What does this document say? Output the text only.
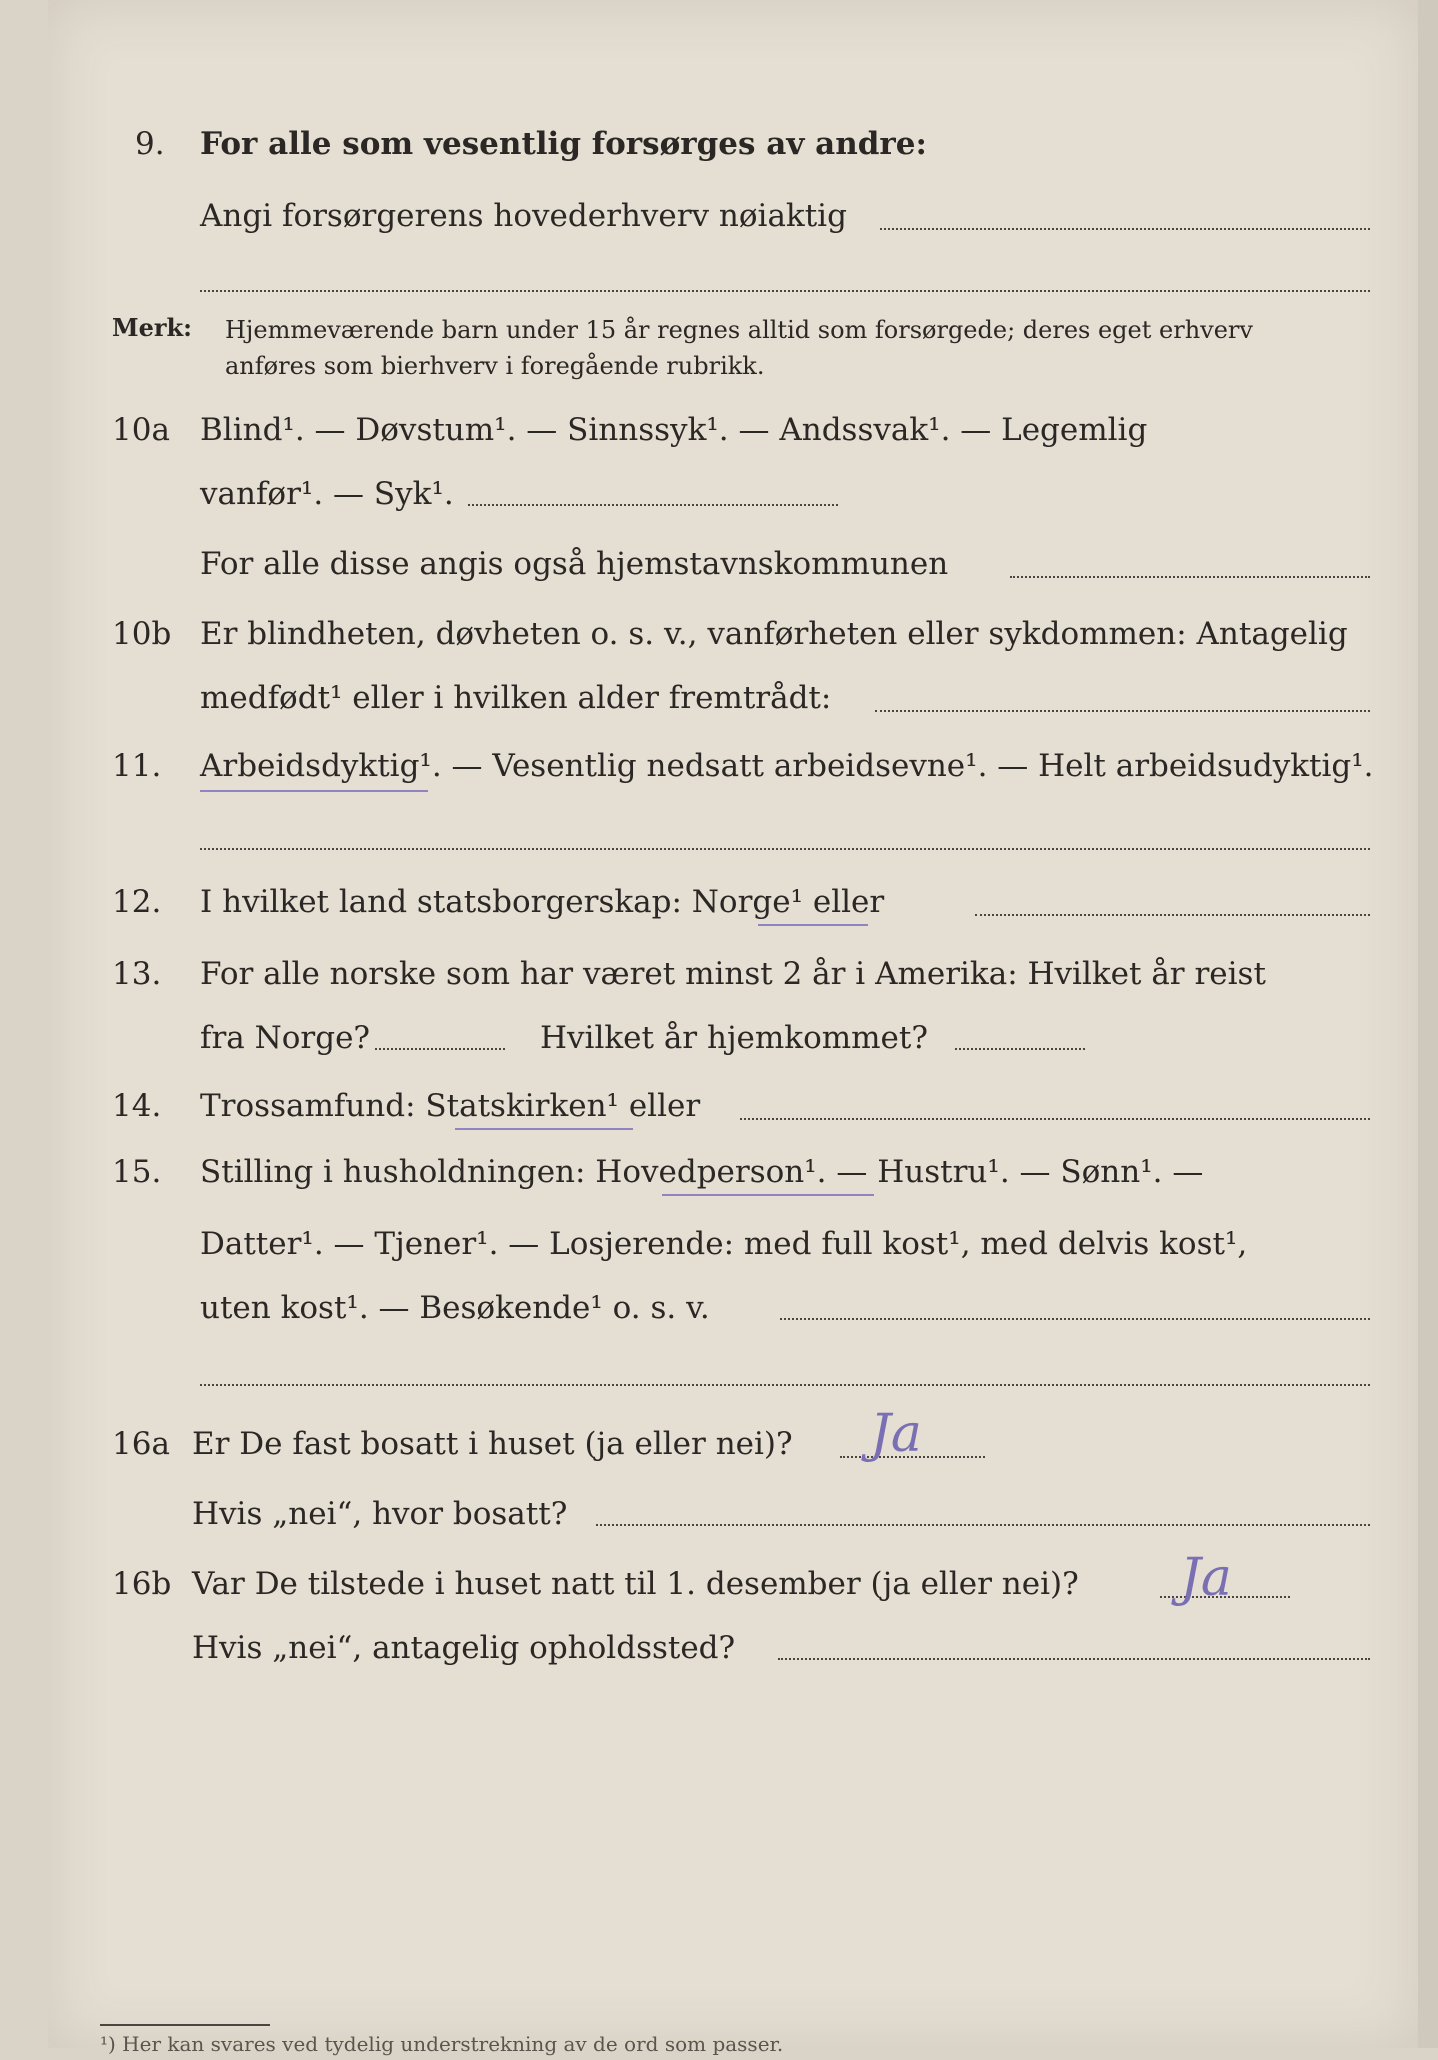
9. For alle som vesentlig forsørges av andre:
Angi forsørgerens hovederhverv nøiaktig
Merk: Hjemmeværende barn under 15 år regnes alltid som forsørgede; deres eget erhverv
anføres som bierhverv i foregående rubrikk.
10a Blind¹. — Døvstum¹. — Sinnssyk¹. — Andssvak¹. — Legemlig
vanfør¹. — Syk¹.
For alle disse angis også hjemstavnskommunen
10b Er blindheten, døvheten o. s. v., vanførheten eller sykdommen: Antagelig
medfødt¹ eller i hvilken alder fremtrådt:
11. Arbeidsdyktig¹. — Vesentlig nedsatt arbeidsevne¹. — Helt arbeidsudyktig¹.
12. I hvilket land statsborgerskap: Norge¹ eller
13. For alle norske som har været minst 2 år i Amerika: Hvilket år reist
fra Norge?	Hvilket år hjemkommet?
14. Trossamfund: Statskirken¹ eller
15. Stilling i husholdningen: Hovedperson¹. — Hustru¹. — Sønn¹. —
Datter¹. — Tjener¹. — Losjerende: med full kost¹, med delvis kost¹,
uten kost¹. — Besøkende¹ o. s. v.
16a Er De fast bosatt i huset (ja eller nei)? Ja
Hvis „nei“, hvor bosatt?
16b Var De tilstede i huset natt til 1. desember (ja eller nei)? Ja
Hvis „nei“, antagelig opholdssted?
¹) Her kan svares ved tydelig understrekning av de ord som passer.
